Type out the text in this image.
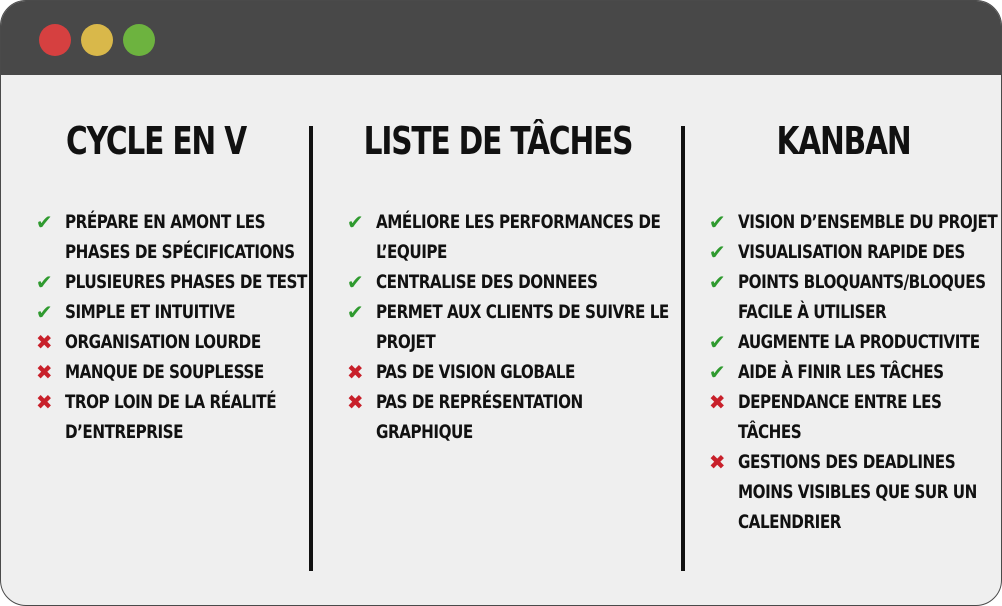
CYCLE EN V
✔ PRÉPARE EN AMONT LES PHASES DE SPÉCIFICATIONS
✔ PLUSIEURES PHASES DE TEST
✔ SIMPLE ET INTUITIVE
✖ ORGANISATION LOURDE
✖ MANQUE DE SOUPLESSE
✖ TROP LOIN DE LA RÉALITÉ D’ENTREPRISE
LISTE DE TÂCHES
✔ AMÉLIORE LES PERFORMANCES DE L’EQUIPE
✔ CENTRALISE DES DONNEES
✔ PERMET AUX CLIENTS DE SUIVRE LE PROJET
✖ PAS DE VISION GLOBALE
✖ PAS DE REPRÉSENTATION GRAPHIQUE
KANBAN
✔ VISION D’ENSEMBLE DU PROJET
✔ VISUALISATION RAPIDE DES
✔ POINTS BLOQUANTS/BLOQUES FACILE À UTILISER
✔ AUGMENTE LA PRODUCTIVITE
✔ AIDE À FINIR LES TÂCHES
✖ DEPENDANCE ENTRE LES TÂCHES
✖ GESTIONS DES DEADLINES MOINS VISIBLES QUE SUR UN CALENDRIER
